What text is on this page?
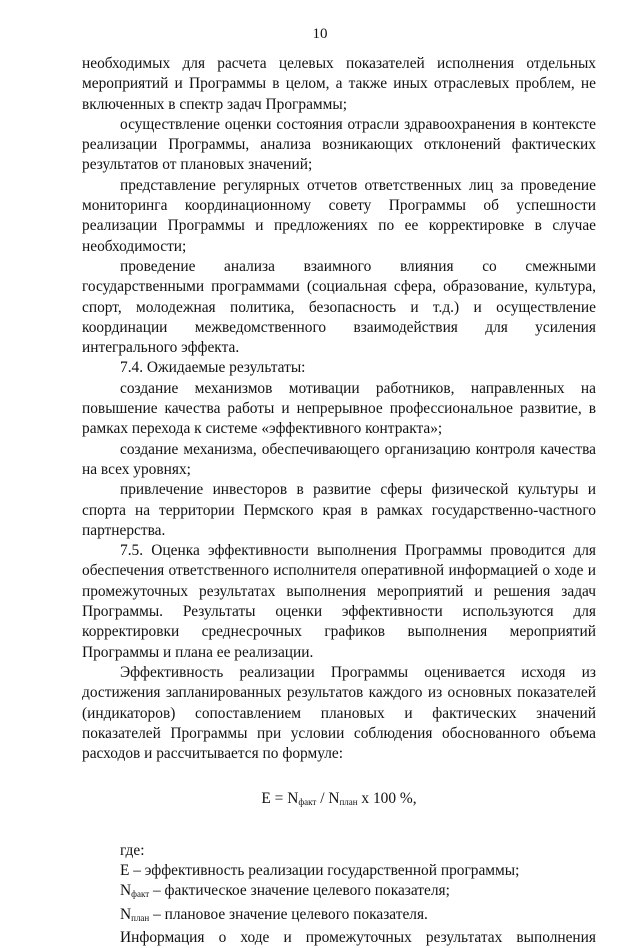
10

необходимых для расчета целевых показателей исполнения отдельных мероприятий и Программы в целом, а также иных отраслевых проблем, не включенных в спектр задач Программы;

осуществление оценки состояния отрасли здравоохранения в контексте реализации Программы, анализа возникающих отклонений фактических результатов от плановых значений;

представление регулярных отчетов ответственных лиц за проведение мониторинга координационному совету Программы об успешности реализации Программы и предложениях по ее корректировке в случае необходимости;

проведение анализа взаимного влияния со смежными государственными программами (социальная сфера, образование, культура, спорт, молодежная политика, безопасность и т.д.) и осуществление координации межведомственного взаимодействия для усиления интегрального эффекта.

7.4. Ожидаемые результаты:

создание механизмов мотивации работников, направленных на повышение качества работы и непрерывное профессиональное развитие, в рамках перехода к системе «эффективного контракта»;

создание механизма, обеспечивающего организацию контроля качества на всех уровнях;

привлечение инвесторов в развитие сферы физической культуры и спорта на территории Пермского края в рамках государственно-частного партнерства.

7.5. Оценка эффективности выполнения Программы проводится для обеспечения ответственного исполнителя оперативной информацией о ходе и промежуточных результатах выполнения мероприятий и решения задач Программы. Результаты оценки эффективности используются для корректировки среднесрочных графиков выполнения мероприятий Программы и плана ее реализации.

Эффективность реализации Программы оценивается исходя из достижения запланированных результатов каждого из основных показателей (индикаторов) сопоставлением плановых и фактических значений показателей Программы при условии соблюдения обоснованного объема расходов и рассчитывается по формуле:

$E = N_{факт} / N_{план}$ x 100 %,

где:

E – эффективность реализации государственной программы;

$N_{факт}$ – фактическое значение целевого показателя;

$N_{план}$ – плановое значение целевого показателя.

Информация о ходе и промежуточных результатах выполнения
